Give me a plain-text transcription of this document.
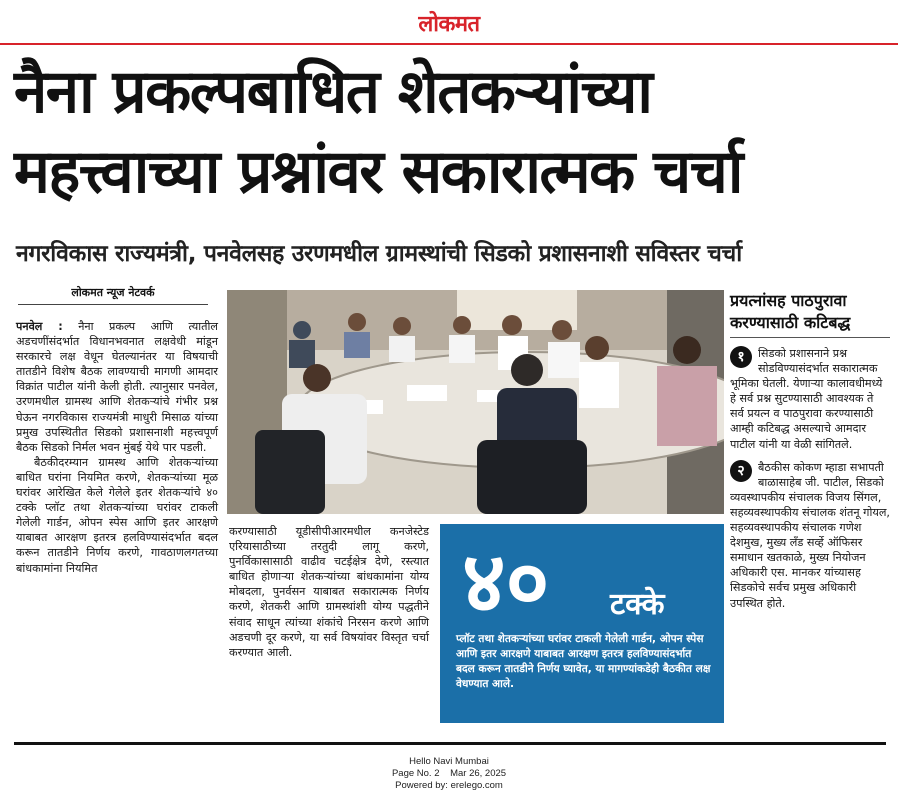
लोकमत
नैना प्रकल्पबाधित शेतकऱ्यांच्या
महत्त्वाच्या प्रश्नांवर सकारात्मक चर्चा
नगरविकास राज्यमंत्री, पनवेलसह उरणमधील ग्रामस्थांची सिडको प्रशासनाशी सविस्तर चर्चा
लोकमत न्यूज नेटवर्क

पनवेल : नैना प्रकल्प आणि त्यातील अडचणींसंदर्भात विधानभवनात लक्षवेधी मांडून सरकारचे लक्ष वेधून घेतल्यानंतर या विषयाची तातडीने विशेष बैठक लावण्याची मागणी आमदार विक्रांत पाटील यांनी केली होती. त्यानुसार पनवेल, उरणमधील ग्रामस्थ आणि शेतकऱ्यांचे गंभीर प्रश्न घेऊन नगरविकास राज्यमंत्री माधुरी मिसाळ यांच्या प्रमुख उपस्थितीत सिडको प्रशासनाशी महत्त्वपूर्ण बैठक सिडको निर्मल भवन मुंबई येथे पार पडली.

बैठकीदरम्यान ग्रामस्थ आणि शेतकऱ्यांच्या बाधित घरांना नियमित करणे, शेतकऱ्यांच्या मूळ घरांवर आरेखित केले गेलेले इतर शेतकऱ्यांचे ४० टक्के प्लॉट तथा शेतकऱ्यांच्या घरांवर टाकली गेलेली गार्डन, ओपन स्पेस आणि इतर आरक्षणे याबाबत आरक्षण इतरत्र हलविण्यासंदर्भात बदल करून तातडीने निर्णय करणे, गावठाणलगतच्या बांधकामांना नियमित

करण्यासाठी यूडीसीपीआरमधील कनजेस्टेड एरियासाठीच्या तरतुदी लागू करणे, पुनर्विकासासाठी वाढीव चटईक्षेत्र देणे, रस्त्यात बाधित होणाऱ्या शेतकऱ्यांच्या बांधकामांना योग्य मोबदला, पुनर्वसन याबाबत सकारात्मक निर्णय करणे, शेतकरी आणि ग्रामस्थांशी योग्य पद्धतीने संवाद साधून त्यांच्या शंकांचे निरसन करणे आणि अडचणी दूर करणे, या सर्व विषयांवर विस्तृत चर्चा करण्यात आली.
४० टक्के
प्लॉट तथा शेतकऱ्यांच्या घरांवर टाकली गेलेली गार्डन, ओपन स्पेस आणि इतर आरक्षणे याबाबत आरक्षण इतरत्र हलविण्यासंदर्भात बदल करून तातडीने निर्णय घ्यावेत, या मागण्यांकडेही बैठकीत लक्ष वेधण्यात आले.
प्रयत्नांसह पाठपुरावा करण्यासाठी कटिबद्ध
१	सिडको प्रशासनाने प्रश्न सोडविण्यासंदर्भात सकारात्मक भूमिका घेतली. येणाऱ्या कालावधीमध्ये हे सर्व प्रश्न सुटण्यासाठी आवश्यक ते सर्व प्रयत्न व पाठपुरावा करण्यासाठी आम्ही कटिबद्ध असल्याचे आमदार पाटील यांनी या वेळी सांगितले.
२	बैठकीस कोकण म्हाडा सभापती बाळासाहेब जी. पाटील, सिडको व्यवस्थापकीय संचालक विजय सिंगल, सहव्यवस्थापकीय संचालक शंतनू गोयल, सहव्यवस्थापकीय संचालक गणेश देशमुख, मुख्य लँड सर्व्हे ऑफिसर समाधान खतकाळे, मुख्य नियोजन अधिकारी एस. मानकर यांच्यासह सिडकोचे सर्वच प्रमुख अधिकारी उपस्थित होते.
Hello Navi Mumbai
Page No. 2 Mar 26, 2025
Powered by: erelego.com
